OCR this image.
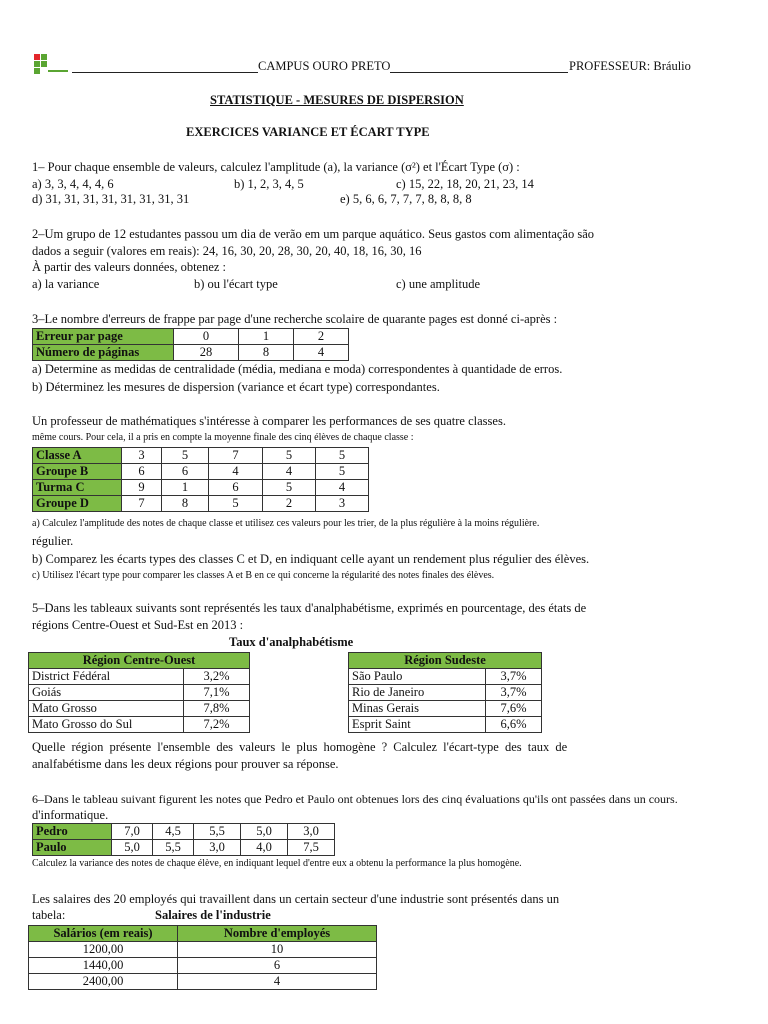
CAMPUS OURO PRETO	PROFESSEUR: Bráulio
STATISTIQUE - MESURES DE DISPERSION
EXERCICES VARIANCE ET ÉCART TYPE
1– Pour chaque ensemble de valeurs, calculez l'amplitude (a), la variance (σ²) et l'Écart Type (σ) :
a) 3, 3, 4, 4, 4, 6	b) 1, 2, 3, 4, 5	c) 15, 22, 18, 20, 21, 23, 14
d) 31, 31, 31, 31, 31, 31, 31, 31	e) 5, 6, 6, 7, 7, 7, 8, 8, 8, 8
2–Um grupo de 12 estudantes passou um dia de verão em um parque aquático. Seus gastos com alimentação são
dados a seguir (valores em reais): 24, 16, 30, 20, 28, 30, 20, 40, 18, 16, 30, 16
À partir des valeurs données, obtenez :
a) la variance	b) ou l'écart type	c) une amplitude
3–Le nombre d'erreurs de frappe par page d'une recherche scolaire de quarante pages est donné ci-après :
Erreur par page	0	1	2
Número de páginas	28	8	4
a) Determine as medidas de centralidade (média, mediana e moda) correspondentes à quantidade de erros.
b) Déterminez les mesures de dispersion (variance et écart type) correspondantes.
Un professeur de mathématiques s'intéresse à comparer les performances de ses quatre classes.
même cours. Pour cela, il a pris en compte la moyenne finale des cinq élèves de chaque classe :
Classe A	3	5	7	5	5
Groupe B	6	6	4	4	5
Turma C	9	1	6	5	4
Groupe D	7	8	5	2	3
a) Calculez l'amplitude des notes de chaque classe et utilisez ces valeurs pour les trier, de la plus régulière à la moins régulière.
régulier.
b) Comparez les écarts types des classes C et D, en indiquant celle ayant un rendement plus régulier des élèves.
c) Utilisez l'écart type pour comparer les classes A et B en ce qui concerne la régularité des notes finales des élèves.
5–Dans les tableaux suivants sont représentés les taux d'analphabétisme, exprimés en pourcentage, des états de
régions Centre-Ouest et Sud-Est en 2013 :
Taux d'analphabétisme
Région Centre-Ouest	
District Fédéral	3,2%
Goiás	7,1%
Mato Grosso	7,8%
Mato Grosso do Sul	7,2%
Région Sudeste	
São Paulo	3,7%
Rio de Janeiro	3,7%
Minas Gerais	7,6%
Esprit Saint	6,6%
Quelle région présente l'ensemble des valeurs le plus homogène ? Calculez l'écart-type des taux de
analfabétisme dans les deux régions pour prouver sa réponse.
6–Dans le tableau suivant figurent les notes que Pedro et Paulo ont obtenues lors des cinq évaluations qu'ils ont passées dans un cours.
d'informatique.
Pedro	7,0	4,5	5,5	5,0	3,0
Paulo	5,0	5,5	3,0	4,0	7,5
Calculez la variance des notes de chaque élève, en indiquant lequel d'entre eux a obtenu la performance la plus homogène.
Les salaires des 20 employés qui travaillent dans un certain secteur d'une industrie sont présentés dans un
tabela:	Salaires de l'industrie
Salários (em reais)	Nombre d'employés
1200,00	10
1440,00	6
2400,00	4
